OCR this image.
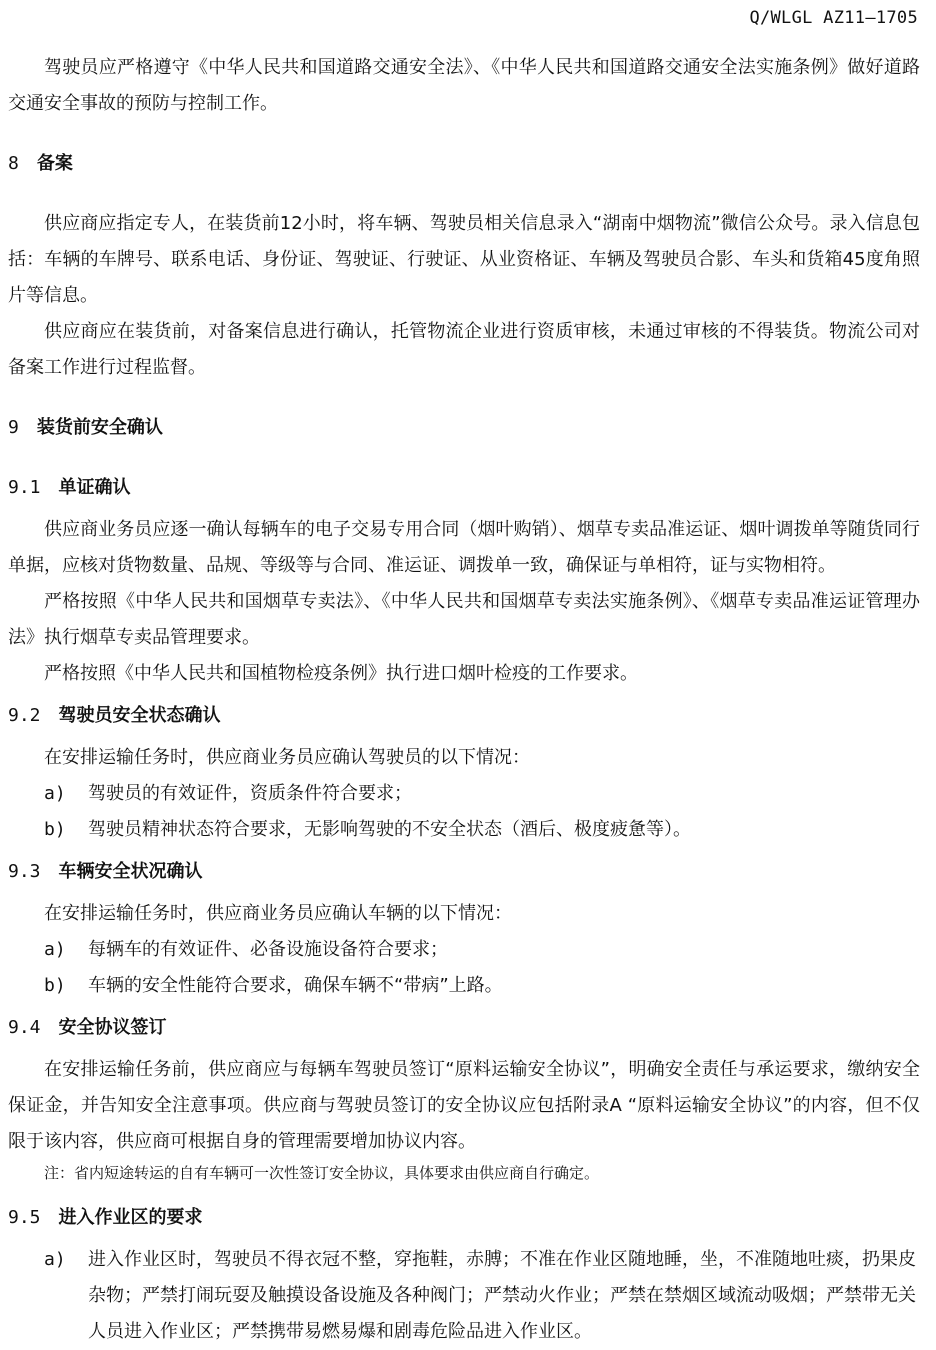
Q/WLGL AZ11—1705

驾驶员应严格遵守《中华人民共和国道路交通安全法》、《中华人民共和国道路交通安全法实施条例》做好道路交通安全事故的预防与控制工作。

8 备案

供应商应指定专人，在装货前12小时，将车辆、驾驶员相关信息录入“湖南中烟物流”微信公众号。录入信息包括：车辆的车牌号、联系电话、身份证、驾驶证、行驶证、从业资格证、车辆及驾驶员合影、车头和货箱45度角照片等信息。

供应商应在装货前，对备案信息进行确认，托管物流企业进行资质审核，未通过审核的不得装货。物流公司对备案工作进行过程监督。

9 装货前安全确认

9.1 单证确认

供应商业务员应逐一确认每辆车的电子交易专用合同（烟叶购销）、烟草专卖品准运证、烟叶调拨单等随货同行单据，应核对货物数量、品规、等级等与合同、准运证、调拨单一致，确保证与单相符，证与实物相符。

严格按照《中华人民共和国烟草专卖法》、《中华人民共和国烟草专卖法实施条例》、《烟草专卖品准运证管理办法》执行烟草专卖品管理要求。

严格按照《中华人民共和国植物检疫条例》执行进口烟叶检疫的工作要求。

9.2 驾驶员安全状态确认

在安排运输任务时，供应商业务员应确认驾驶员的以下情况：

a) 驾驶员的有效证件，资质条件符合要求；

b) 驾驶员精神状态符合要求，无影响驾驶的不安全状态（酒后、极度疲惫等）。

9.3 车辆安全状况确认

在安排运输任务时，供应商业务员应确认车辆的以下情况：

a) 每辆车的有效证件、必备设施设备符合要求；

b) 车辆的安全性能符合要求，确保车辆不“带病”上路。

9.4 安全协议签订

在安排运输任务前，供应商应与每辆车驾驶员签订“原料运输安全协议”，明确安全责任与承运要求，缴纳安全保证金，并告知安全注意事项。供应商与驾驶员签订的安全协议应包括附录A “原料运输安全协议”的内容，但不仅限于该内容，供应商可根据自身的管理需要增加协议内容。

注：省内短途转运的自有车辆可一次性签订安全协议，具体要求由供应商自行确定。

9.5 进入作业区的要求

a) 进入作业区时，驾驶员不得衣冠不整，穿拖鞋，赤膊；不准在作业区随地睡，坐，不准随地吐痰，扔果皮杂物；严禁打闹玩耍及触摸设备设施及各种阀门；严禁动火作业；严禁在禁烟区域流动吸烟；严禁带无关人员进入作业区；严禁携带易燃易爆和剧毒危险品进入作业区。
